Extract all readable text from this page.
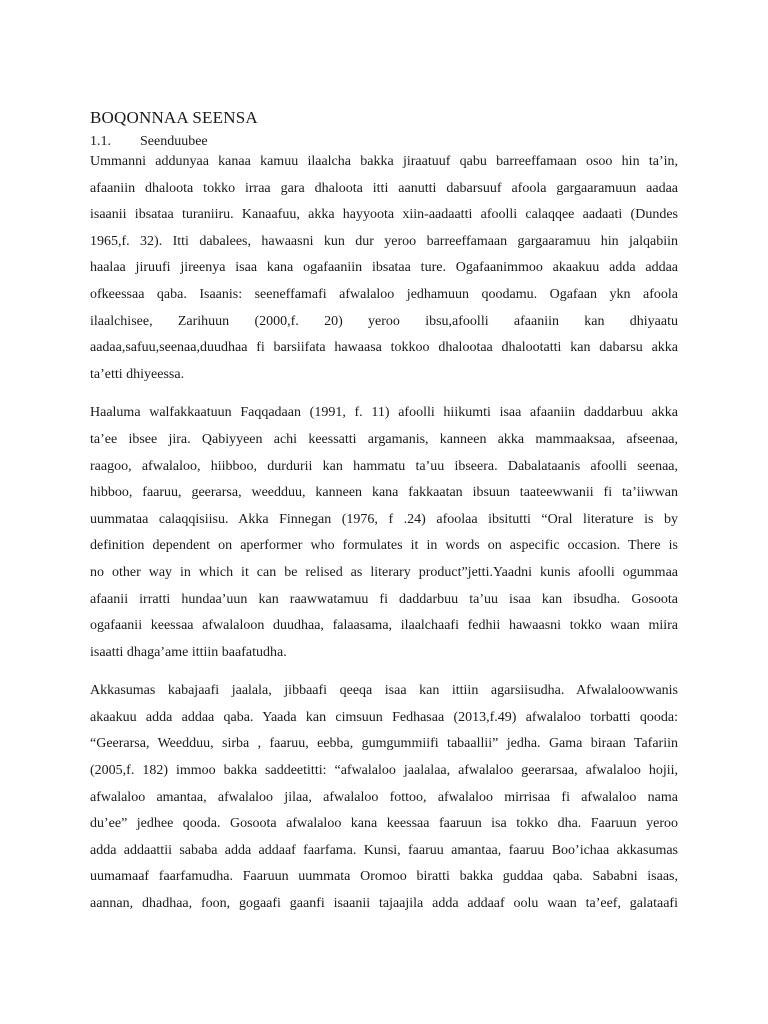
BOQONNAA SEENSA
1.1.	Seenduubee
Ummanni addunyaa kanaa kamuu ilaalcha bakka jiraatuuf qabu barreeffamaan osoo hin ta’in,
afaaniin dhaloota tokko irraa gara dhaloota itti aanutti dabarsuuf afoola gargaaramuun aadaa
isaanii ibsataa turaniiru. Kanaafuu, akka hayyoota xiin-aadaatti afoolli calaqqee aadaati (Dundes
1965,f. 32). Itti dabalees, hawaasni kun dur yeroo barreeffamaan gargaaramuu hin jalqabiin
haalaa jiruufi jireenya isaa kana ogafaaniin ibsataa ture. Ogafaanimmoo akaakuu adda addaa
ofkeessaa qaba. Isaanis: seeneffamafi afwalaloo jedhamuun qoodamu. Ogafaan ykn afoola
ilaalchisee, Zarihuun (2000,f. 20) yeroo ibsu,afoolli afaaniin kan dhiyaatu
aadaa,safuu,seenaa,duudhaa fi barsiifata hawaasa tokkoo dhalootaa dhalootatti kan dabarsu akka
ta’etti dhiyeessa.
Haaluma walfakkaatuun Faqqadaan (1991, f. 11) afoolli hiikumti isaa afaaniin daddarbuu akka
ta’ee ibsee jira. Qabiyyeen achi keessatti argamanis, kanneen akka mammaaksaa, afseenaa,
raagoo, afwalaloo, hiibboo, durdurii kan hammatu ta’uu ibseera. Dabalataanis afoolli seenaa,
hibboo, faaruu, geerarsa, weedduu, kanneen kana fakkaatan ibsuun taateewwanii fi ta’iiwwan
uummataa calaqqisiisu. Akka Finnegan (1976, f .24) afoolaa ibsitutti “Oral literature is by
definition dependent on aperformer who formulates it in words on aspecific occasion. There is
no other way in which it can be relised as literary product”jetti.Yaadni kunis afoolli ogummaa
afaanii irratti hundaa’uun kan raawwatamuu fi daddarbuu ta’uu isaa kan ibsudha. Gosoota
ogafaanii keessaa afwalaloon duudhaa, falaasama, ilaalchaafi fedhii hawaasni tokko waan miira
isaatti dhaga’ame ittiin baafatudha.
Akkasumas kabajaafi jaalala, jibbaafi qeeqa isaa kan ittiin agarsiisudha. Afwalaloowwanis
akaakuu adda addaa qaba. Yaada kan cimsuun Fedhasaa (2013,f.49) afwalaloo torbatti qooda:
“Geerarsa, Weedduu, sirba , faaruu, eebba, gumgummiifi tabaallii” jedha. Gama biraan Tafariin
(2005,f. 182) immoo bakka saddeetitti: “afwalaloo jaalalaa, afwalaloo geerarsaa, afwalaloo hojii,
afwalaloo amantaa, afwalaloo jilaa, afwalaloo fottoo, afwalaloo mirrisaa fi afwalaloo nama
du’ee” jedhee qooda. Gosoota afwalaloo kana keessaa faaruun isa tokko dha. Faaruun yeroo
adda addaattii sababa adda addaaf faarfama. Kunsi, faaruu amantaa, faaruu Boo’ichaa akkasumas
uumamaaf faarfamudha. Faaruun uummata Oromoo biratti bakka guddaa qaba. Sababni isaas,
aannan, dhadhaa, foon, gogaafi gaanfi isaanii tajaajila adda addaaf oolu waan ta’eef, galataafi
